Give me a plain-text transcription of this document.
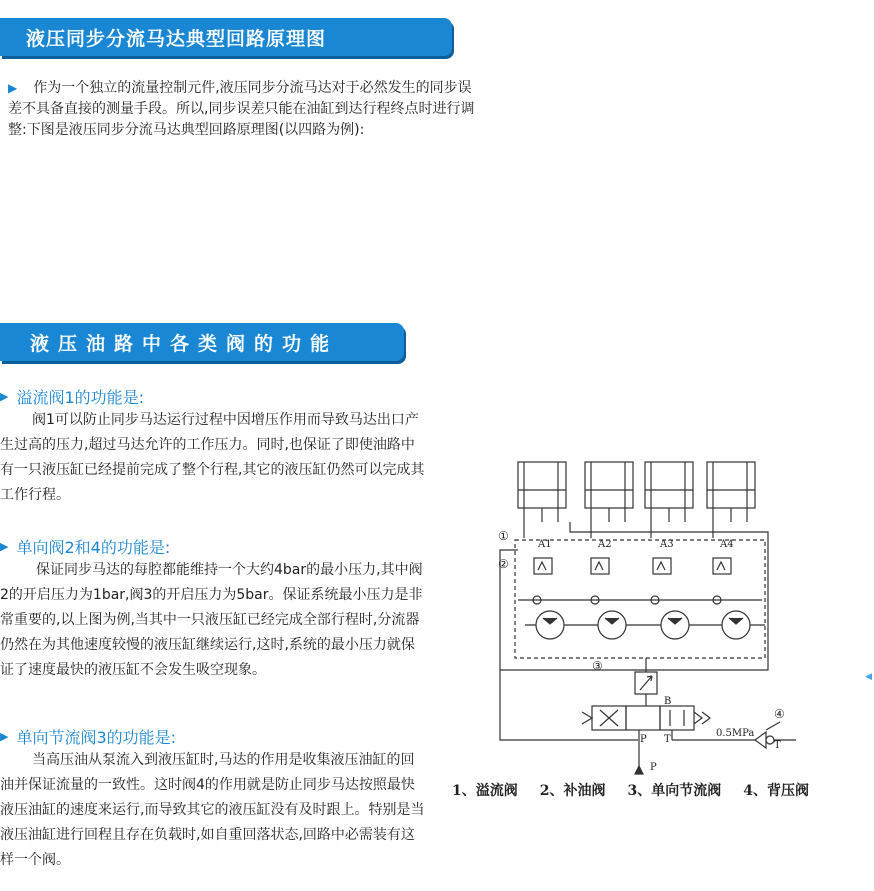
液压同步分流马达典型回路原理图
▶ 作为一个独立的流量控制元件,液压同步分流马达对于必然发生的同步误差不具备直接的测量手段。所以,同步误差只能在油缸到达行程终点时进行调整:下图是液压同步分流马达典型回路原理图(以四路为例):
液压油路中各类阀的功能
▶ 溢流阀1的功能是:
阀1可以防止同步马达运行过程中因增压作用而导致马达出口产生过高的压力,超过马达允许的工作压力。同时,也保证了即使油路中有一只液压缸已经提前完成了整个行程,其它的液压缸仍然可以完成其工作行程。
▶ 单向阀2和4的功能是:
保证同步马达的每腔都能维持一个大约4bar的最小压力,其中阀2的开启压力为1bar,阀3的开启压力为5bar。保证系统最小压力是非常重要的,以上图为例,当其中一只液压缸已经完成全部行程时,分流器仍然在为其他速度较慢的液压缸继续运行,这时,系统的最小压力就保证了速度最快的液压缸不会发生吸空现象。
▶ 单向节流阀3的功能是:
当高压油从泵流入到液压缸时,马达的作用是收集液压油缸的回油并保证流量的一致性。这时阀4的作用就是防止同步马达按照最快液压油缸的速度来运行,而导致其它的液压缸没有及时跟上。特别是当液压油缸进行回程且存在负载时,如自重回落状态,回路中必需装有这样一个阀。
A1	A2	A3	A4
①
②
③
④
B
P T
0.5MPa
T
P
1、溢流阀 2、补油阀 3、单向节流阀 4、背压阀
◀
